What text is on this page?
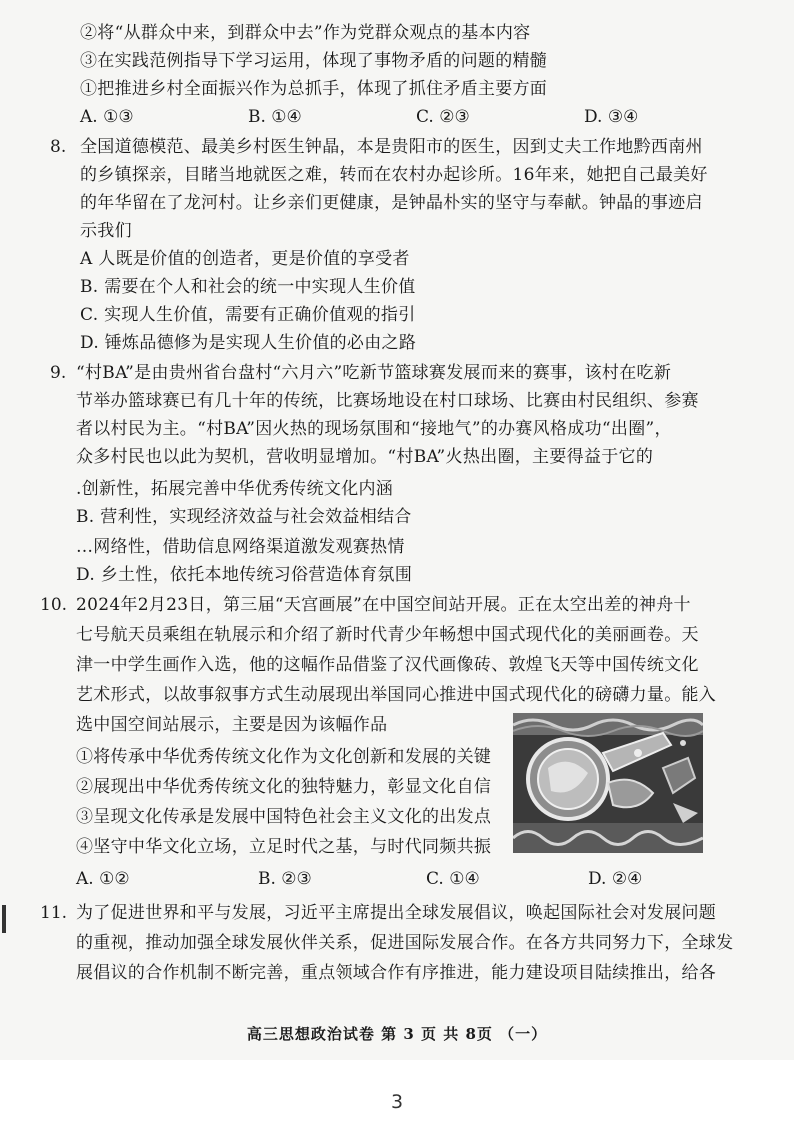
②将“从群众中来，到群众中去”作为党群众观点的基本内容
③在实践范例指导下学习运用，体现了事物矛盾的问题的精髓
①把推进乡村全面振兴作为总抓手，体现了抓住矛盾主要方面
A. ①③	B. ①④	C. ②③	D. ③④
8. 全国道德模范、最美乡村医生钟晶，本是贵阳市的医生，因到丈夫工作地黔西南州
的乡镇探亲，目睹当地就医之难，转而在农村办起诊所。16年来，她把自己最美好
的年华留在了龙河村。让乡亲们更健康，是钟晶朴实的坚守与奉献。钟晶的事迹启
示我们
A 人既是价值的创造者，更是价值的享受者
B. 需要在个人和社会的统一中实现人生价值
C. 实现人生价值，需要有正确价值观的指引
D. 锤炼品德修为是实现人生价值的必由之路
9. “村BA”是由贵州省台盘村“六月六”吃新节篮球赛发展而来的赛事，该村在吃新
节举办篮球赛已有几十年的传统，比赛场地设在村口球场、比赛由村民组织、参赛
者以村民为主。“村BA”因火热的现场氛围和“接地气”的办赛风格成功“出圈”，
众多村民也以此为契机，营收明显增加。“村BA”火热出圈，主要得益于它的
.创新性，拓展完善中华优秀传统文化内涵
B. 营利性，实现经济效益与社会效益相结合
…网络性，借助信息网络渠道激发观赛热情
D. 乡土性，依托本地传统习俗营造体育氛围
10. 2024年2月23日，第三届“天宫画展”在中国空间站开展。正在太空出差的神舟十
七号航天员乘组在轨展示和介绍了新时代青少年畅想中国式现代化的美丽画卷。天
津一中学生画作入选，他的这幅作品借鉴了汉代画像砖、敦煌飞天等中国传统文化
艺术形式，以故事叙事方式生动展现出举国同心推进中国式现代化的磅礴力量。能入
选中国空间站展示，主要是因为该幅作品
①将传承中华优秀传统文化作为文化创新和发展的关键
②展现出中华优秀传统文化的独特魅力，彰显文化自信
③呈现文化传承是发展中国特色社会主义文化的出发点
④坚守中华文化立场，立足时代之基，与时代同频共振
A. ①②	B. ②③	C. ①④	D. ②④
11. 为了促进世界和平与发展，习近平主席提出全球发展倡议，唤起国际社会对发展问题
的重视，推动加强全球发展伙伴关系，促进国际发展合作。在各方共同努力下，全球发
展倡议的合作机制不断完善，重点领域合作有序推进，能力建设项目陆续推出，给各
高三思想政治试卷 第 3 页 共 8页 （一）
3
